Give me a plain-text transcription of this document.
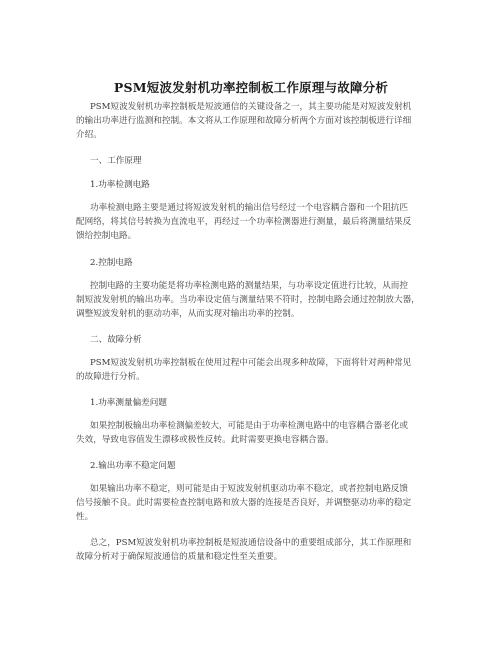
PSM短波发射机功率控制板工作原理与故障分析
PSM短波发射机功率控制板是短波通信的关键设备之一，其主要功能是对短波发射机
的输出功率进行监测和控制。本文将从工作原理和故障分析两个方面对该控制板进行详细
介绍。
一、工作原理
1.功率检测电路
功率检测电路主要是通过将短波发射机的输出信号经过一个电容耦合器和一个阻抗匹
配网络，将其信号转换为直流电平，再经过一个功率检测器进行测量，最后将测量结果反
馈给控制电路。
2.控制电路
控制电路的主要功能是将功率检测电路的测量结果，与功率设定值进行比较，从而控
制短波发射机的输出功率。当功率设定值与测量结果不符时，控制电路会通过控制放大器，
调整短波发射机的驱动功率，从而实现对输出功率的控制。
二、故障分析
PSM短波发射机功率控制板在使用过程中可能会出现多种故障，下面将针对两种常见
的故障进行分析。
1.功率测量偏差问题
如果控制板输出功率检测偏差较大，可能是由于功率检测电路中的电容耦合器老化或
失效，导致电容值发生漂移或极性反转。此时需要更换电容耦合器。
2.输出功率不稳定问题
如果输出功率不稳定，则可能是由于短波发射机驱动功率不稳定，或者控制电路反馈
信号接触不良。此时需要检查控制电路和放大器的连接是否良好，并调整驱动功率的稳定
性。
总之，PSM短波发射机功率控制板是短波通信设备中的重要组成部分，其工作原理和
故障分析对于确保短波通信的质量和稳定性至关重要。
